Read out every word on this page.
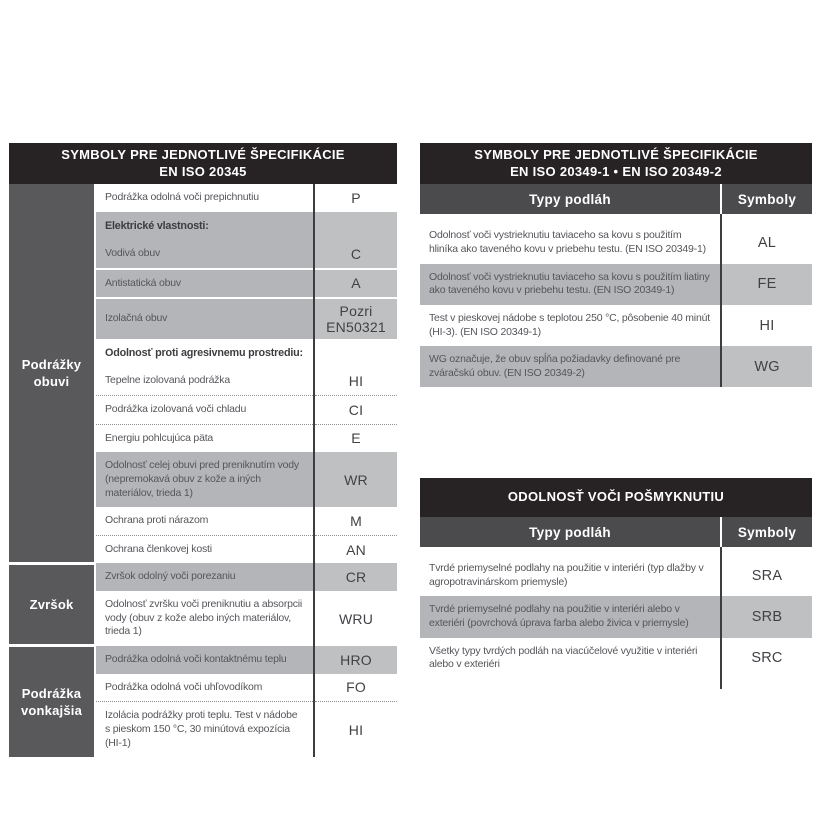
SYMBOLY PRE JEDNOTLIVÉ ŠPECIFIKÁCIE
EN ISO 20345
Podrážky obuvi	Podrážka odolná voči prepichnutiu	P
	Elektrické vlastnosti:	
	Vodivá obuv	C
	Antistatická obuv	A
	Izolačná obuv	Pozri EN50321
	Odolnosť proti agresivnemu prostrediu:	
	Tepelne izolovaná podrážka	HI
	Podrážka izolovaná voči chladu	CI
	Energiu pohlcujúca päta	E
	Odolnosť celej obuvi pred preniknutím vody (nepremokavá obuv z kože a iných materiálov, trieda 1)	WR
	Ochrana proti nárazom	M
	Ochrana členkovej kosti	AN
Zvršok	Zvršok odolný voči porezaniu	CR
	Odolnosť zvršku voči preniknutiu a absorpcii vody (obuv z kože alebo iných materiálov, trieda 1)	WRU
Podrážka vonkajšia	Podrážka odolná voči kontaktnému teplu	HRO
	Podrážka odolná voči uhľovodíkom	FO
	Izolácia podrážky proti teplu. Test v nádobe s pieskom 150 °C, 30 minútová expozícia (HI-1)	HI
SYMBOLY PRE JEDNOTLIVÉ ŠPECIFIKÁCIE
EN ISO 20349-1 • EN ISO 20349-2
Typy podláh	Symboly

Odolnosť voči vystrieknutiu taviaceho sa kovu s použitím hliníka ako taveného kovu v priebehu testu. (EN ISO 20349-1)	AL
Odolnosť voči vystrieknutiu taviaceho sa kovu s použitím liatiny ako taveného kovu v priebehu testu. (EN ISO 20349-1)	FE
Test v pieskovej nádobe s teplotou 250 °C, pôsobenie 40 minút (HI-3). (EN ISO 20349-1)	HI
WG označuje, že obuv spĺňa požiadavky definované pre zváračskú obuv. (EN ISO 20349-2)	WG
ODOLNOSŤ VOČI POŠMYKNUTIU
Typy podláh	Symboly

Tvrdé priemyselné podlahy na použitie v interiéri (typ dlažby v agropotravinárskom priemysle)	SRA
Tvrdé priemyselné podlahy na použitie v interiéri alebo v exteriéri (povrchová úprava farba alebo živica v priemysle)	SRB
Všetky typy tvrdých podláh na viacúčelové využitie v interiéri alebo v exteriéri	SRC
